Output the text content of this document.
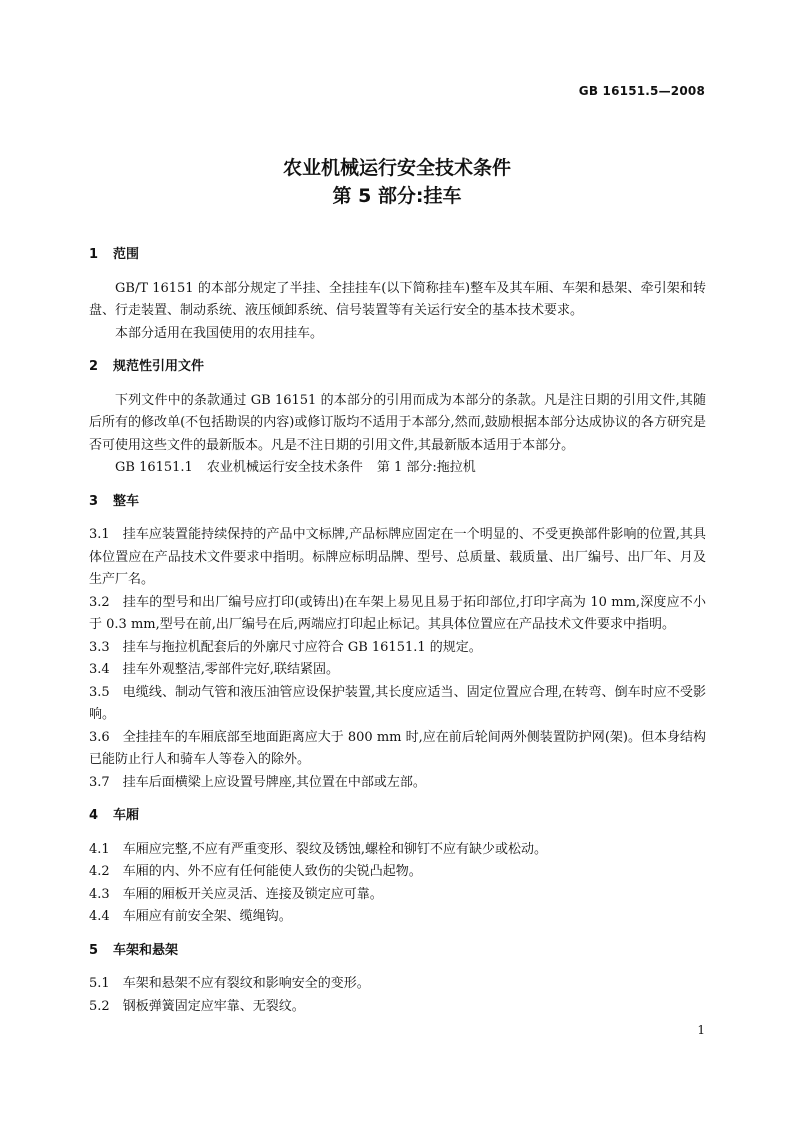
GB 16151.5—2008
农业机械运行安全技术条件
第 5 部分:挂车
1 范围

GB/T 16151 的本部分规定了半挂、全挂挂车(以下简称挂车)整车及其车厢、车架和悬架、牵引架和转盘、行走装置、制动系统、液压倾卸系统、信号装置等有关运行安全的基本技术要求。

本部分适用在我国使用的农用挂车。

2 规范性引用文件

下列文件中的条款通过 GB 16151 的本部分的引用而成为本部分的条款。凡是注日期的引用文件,其随后所有的修改单(不包括勘误的内容)或修订版均不适用于本部分,然而,鼓励根据本部分达成协议的各方研究是否可使用这些文件的最新版本。凡是不注日期的引用文件,其最新版本适用于本部分。

GB 16151.1 农业机械运行安全技术条件 第 1 部分:拖拉机

3 整车

3.1 挂车应装置能持续保持的产品中文标牌,产品标牌应固定在一个明显的、不受更换部件影响的位置,其具体位置应在产品技术文件要求中指明。标牌应标明品牌、型号、总质量、载质量、出厂编号、出厂年、月及生产厂名。

3.2 挂车的型号和出厂编号应打印(或铸出)在车架上易见且易于拓印部位,打印字高为 10 mm,深度应不小于 0.3 mm,型号在前,出厂编号在后,两端应打印起止标记。其具体位置应在产品技术文件要求中指明。

3.3 挂车与拖拉机配套后的外廓尺寸应符合 GB 16151.1 的规定。

3.4 挂车外观整洁,零部件完好,联结紧固。

3.5 电缆线、制动气管和液压油管应设保护装置,其长度应适当、固定位置应合理,在转弯、倒车时应不受影响。

3.6 全挂挂车的车厢底部至地面距离应大于 800 mm 时,应在前后轮间两外侧装置防护网(架)。但本身结构已能防止行人和骑车人等卷入的除外。

3.7 挂车后面横梁上应设置号牌座,其位置在中部或左部。

4 车厢

4.1 车厢应完整,不应有严重变形、裂纹及锈蚀,螺栓和铆钉不应有缺少或松动。

4.2 车厢的内、外不应有任何能使人致伤的尖锐凸起物。

4.3 车厢的厢板开关应灵活、连接及锁定应可靠。

4.4 车厢应有前安全架、缆绳钩。

5 车架和悬架

5.1 车架和悬架不应有裂纹和影响安全的变形。

5.2 钢板弹簧固定应牢靠、无裂纹。

1
